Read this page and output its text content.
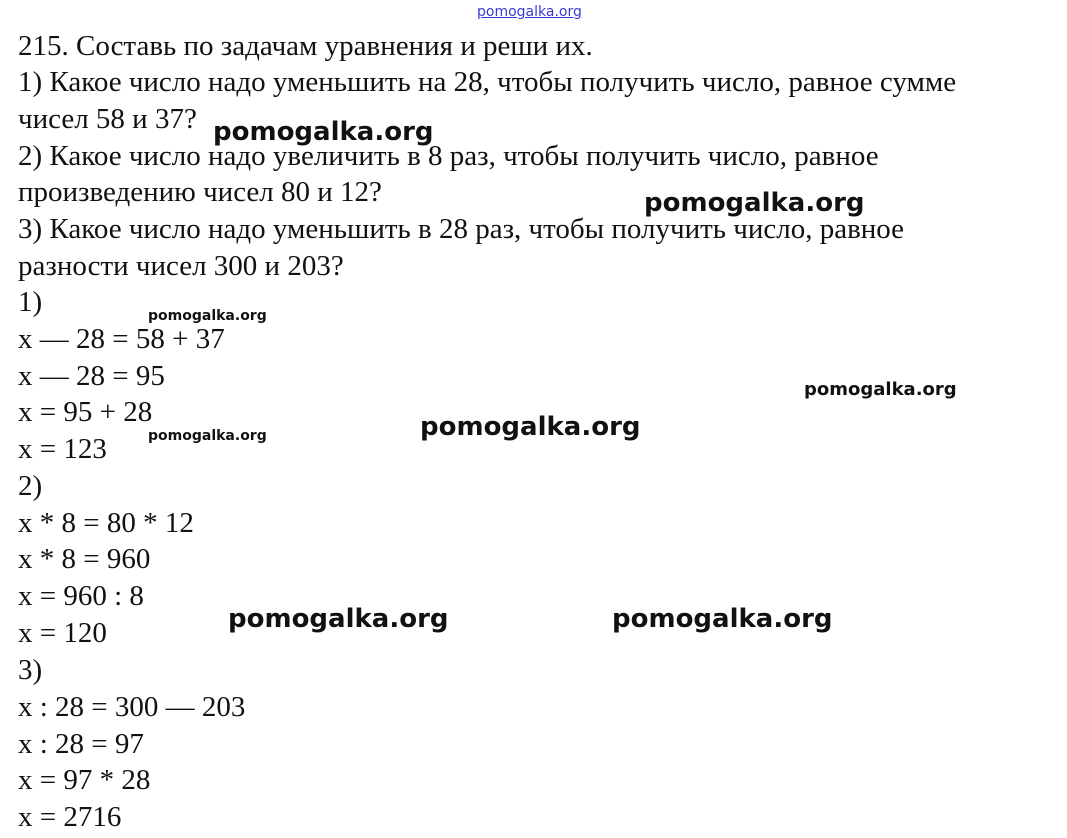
pomogalka.org
215. Составь по задачам уравнения и реши их.
1) Какое число надо уменьшить на 28, чтобы получить число, равное сумме
чисел 58 и 37?
2) Какое число надо увеличить в 8 раз, чтобы получить число, равное
произведению чисел 80 и 12?
3) Какое число надо уменьшить в 28 раз, чтобы получить число, равное
разности чисел 300 и 203?
1)
x — 28 = 58 + 37
x — 28 = 95
x = 95 + 28
x = 123
2)
x * 8 = 80 * 12
x * 8 = 960
x = 960 : 8
x = 120
3)
x : 28 = 300 — 203
x : 28 = 97
x = 97 * 28
x = 2716
pomogalka.org
pomogalka.org
pomogalka.org
pomogalka.org
pomogalka.org
pomogalka.org
pomogalka.org	pomogalka.org
